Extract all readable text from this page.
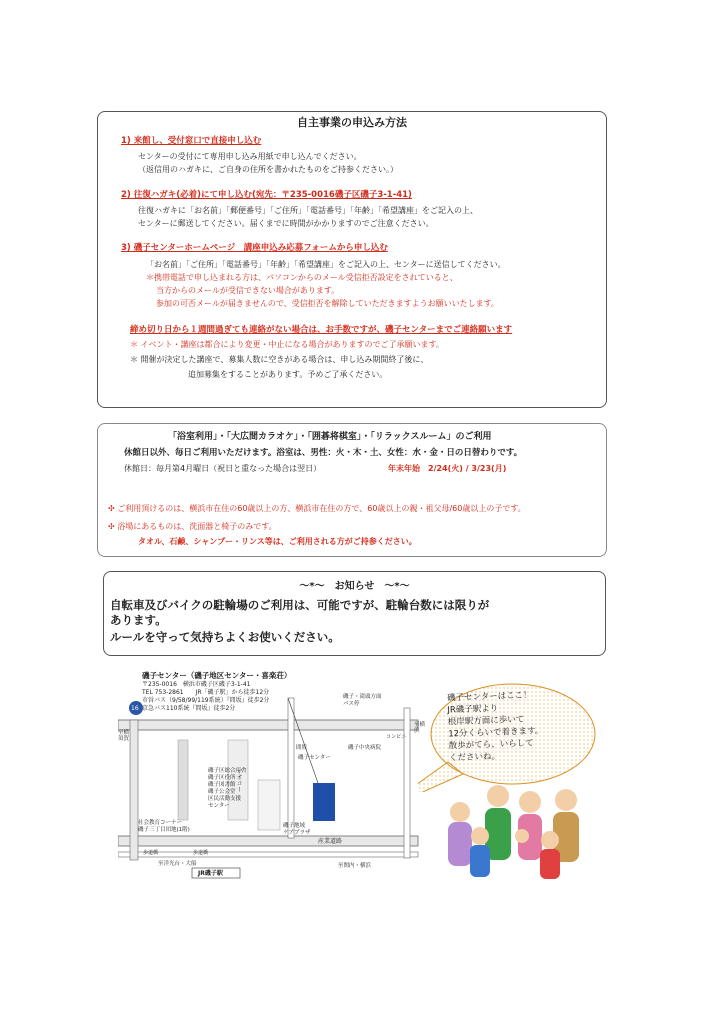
自主事業の申込み方法
1) 来館し、受付窓口で直接申し込む
センターの受付にて専用申し込み用紙で申し込んでください。
（返信用のハガキに、ご自身の住所を書かれたものをご持参ください。）
2) 往復ハガキ(必着)にて申し込む(宛先：〒235-0016磯子区磯子3-1-41)
往復ハガキに「お名前」「郵便番号」「ご住所」「電話番号」「年齢」「希望講座」をご記入の上、
センターに郵送してください。届くまでに時間がかかりますのでご注意ください。
3) 磯子センターホームページ　講座申込み応募フォームから申し込む
「お名前」「ご住所」「電話番号」「年齢」「希望講座」をご記入の上、センターに送信してください。
＊携帯電話で申し込まれる方は、パソコンからのメール受信拒否設定をされていると、
当方からのメールが受信できない場合があります。
参加の可否メールが届きませんので、受信拒否を解除していただきますようお願いいたします。
締め切り日から１週間過ぎても連絡がない場合は、お手数ですが、磯子センターまでご連絡願います
＊ イベント・講座は都合により変更・中止になる場合がありますのでご了承願います。
＊ 開催が決定した講座で、募集人数に空きがある場合は、申し込み期間終了後に、
追加募集をすることがあります。予めご了承ください。
「浴室利用」・「大広間カラオケ」・「囲碁将棋室」・「リラックスルーム」のご利用
休館日以外、毎日ご利用いただけます。浴室は、男性：火・木・土、女性：水・金・日の日替わりです。
休館日：毎月第4月曜日（祝日と重なった場合は翌日）	年末年始　2/24(火) / 3/23(月)
✣ ご利用頂けるのは、横浜市在住の60歳以上の方、横浜市在住の方で、60歳以上の親・祖父母/60歳以上の子です。
✣ 浴場にあるものは、洗面器と椅子のみです。
タオル、石鹸、シャンプー・リンス等は、ご利用される方がご持参ください。
～*～　お知らせ　～*～
自転車及びバイクの駐輪場のご利用は、可能ですが、駐輪台数には限りが
あります。
ルールを守って気持ちよくお使いください。
磯子センター（磯子地区センター・喜楽荘）
〒235-0016　横浜市磯子区磯子3-1-41
TEL 753-2861　　JR「磯子駅」から徒歩12分
市営バス（9/58/99/119系統）『間坂』徒歩2分
京急バス110系統『間坂』徒歩2分
16
至横須賀
至横浜
磯子区総合庁舎
磯子区役所
磯子図書館
磯子公会堂
区民活動支援
センター
ヤオコー
磯子地域
ケアプラザ
社会教育コーナー
磯子三丁目団地(1階)
産業道路
JR磯子駅
至洋光台・大船	至関内・横浜
磯子・滝頭方面
バス停
間坂	磯子中央病院
コンビニ
歩道橋	歩道橋
磯子センター
磯子センターはここ！
JR磯子駅より
根岸駅方面に歩いて
12分くらいで着きます。
散歩がてら、いらして
くださいね。
